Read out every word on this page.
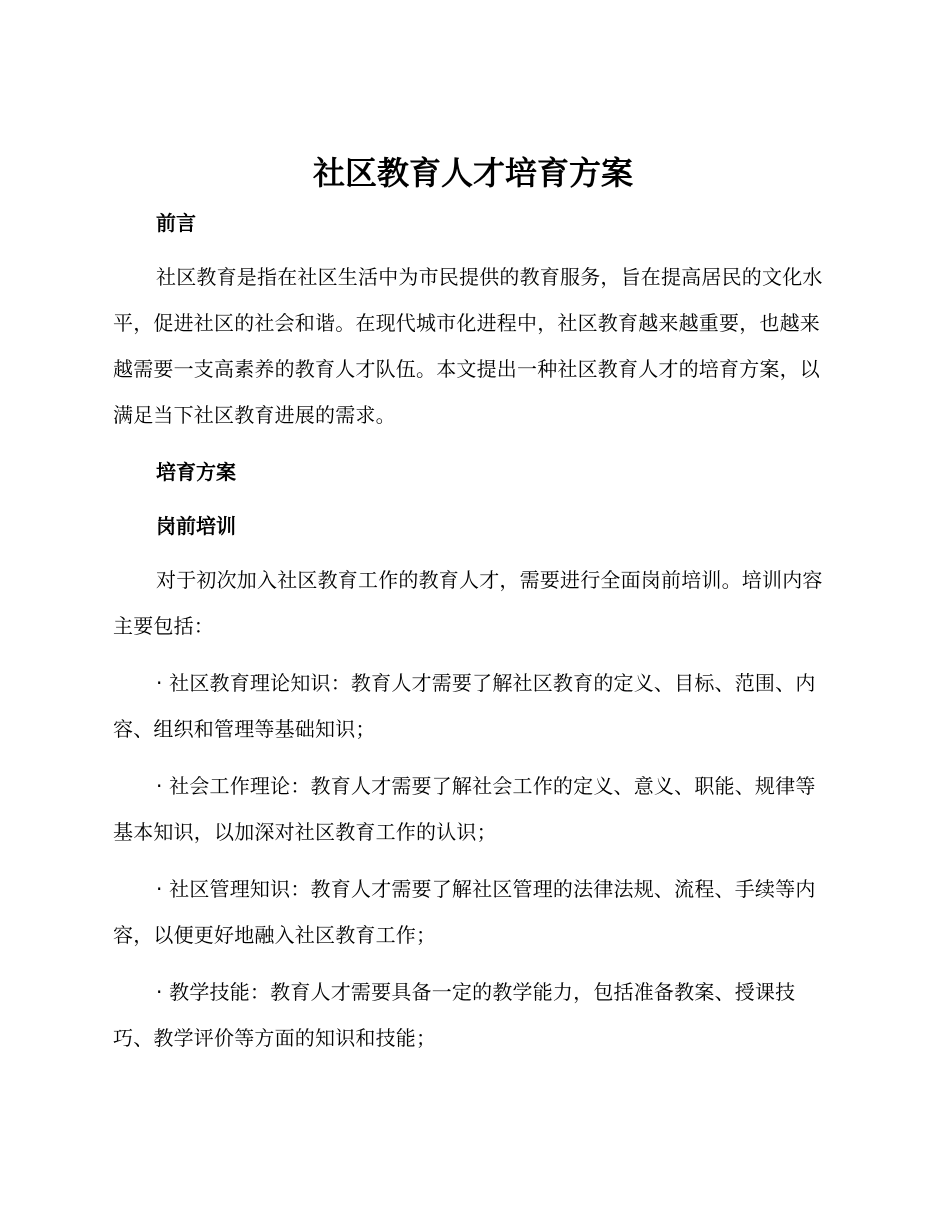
社区教育人才培育方案
前言

社区教育是指在社区生活中为市民提供的教育服务，旨在提高居民的文化水平，促进社区的社会和谐。在现代城市化进程中，社区教育越来越重要，也越来越需要一支高素养的教育人才队伍。本文提出一种社区教育人才的培育方案，以满足当下社区教育进展的需求。

培育方案
岗前培训

对于初次加入社区教育工作的教育人才，需要进行全面岗前培训。培训内容主要包括：

· 社区教育理论知识：教育人才需要了解社区教育的定义、目标、范围、内容、组织和管理等基础知识；

· 社会工作理论：教育人才需要了解社会工作的定义、意义、职能、规律等基本知识，以加深对社区教育工作的认识；

· 社区管理知识：教育人才需要了解社区管理的法律法规、流程、手续等内容，以便更好地融入社区教育工作；

· 教学技能：教育人才需要具备一定的教学能力，包括准备教案、授课技巧、教学评价等方面的知识和技能；
